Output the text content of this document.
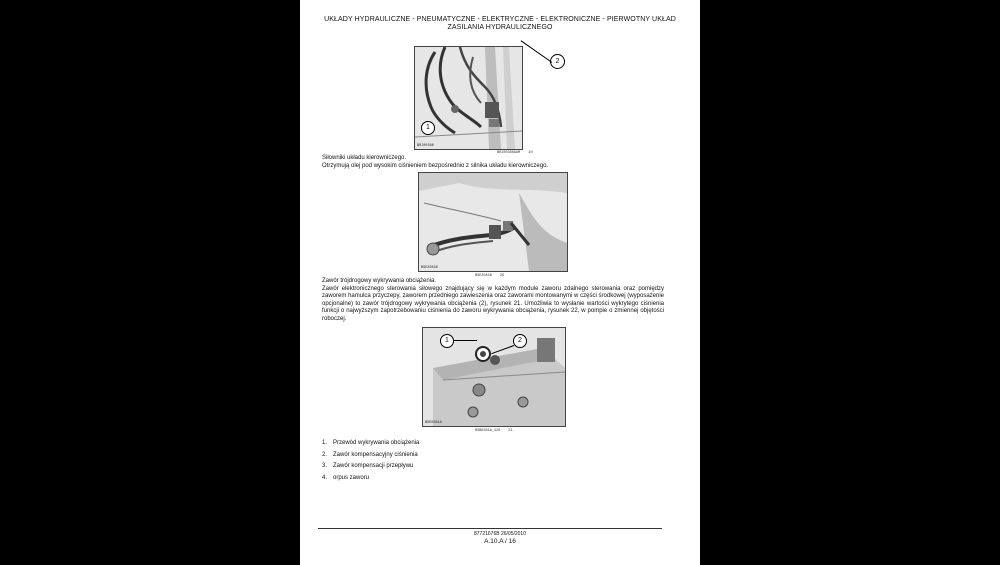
UKŁADY HYDRAULICZNE - PNEUMATYCZNE - ELEKTRYCZNE - ELEKTRONICZNE - PIERWOTNY UKŁAD
ZASILANIA HYDRAULICZNEGO
1
BRJ00380
2
BRJ00380AAM 19

Siłowniki układu kierowniczego.

Otrzymują olej pod wysokim ciśnieniem bezpośrednio z silnika układu kierowniczego.

BSE20836
BSE20836 20

Zawór trójdrogowy wykrywania obciążenia.

Zawór elektronicznego sterowania siłowego znajdujący się w każdym module zaworu zdalnego sterowania oraz pomiędzy zaworem hamulca przyczepy, zaworem przedniego zawieszenia oraz zaworami montowanymi w części środkowej (wyposażenie opcjonalne) to zawór trójdrogowy wykrywania obciążenia (2), rysunek 21. Umożliwia to wysłanie wartości wykrytego ciśnienia funkcji o najwyższym zapotrzebowaniu ciśnienia do zaworu wykrywania obciążenia, rysunek 22, w pompie o zmiennej objętości roboczej.

BSE0381A
1	2
BSB0381A_426 21
1. Przewód wykrywania obciążenia
2. Zawór kompensacyjny ciśnienia
3. Zawór kompensacji przepływu
4. orpus zaworu
87721676B 26/05/2010
A.10.A / 16
